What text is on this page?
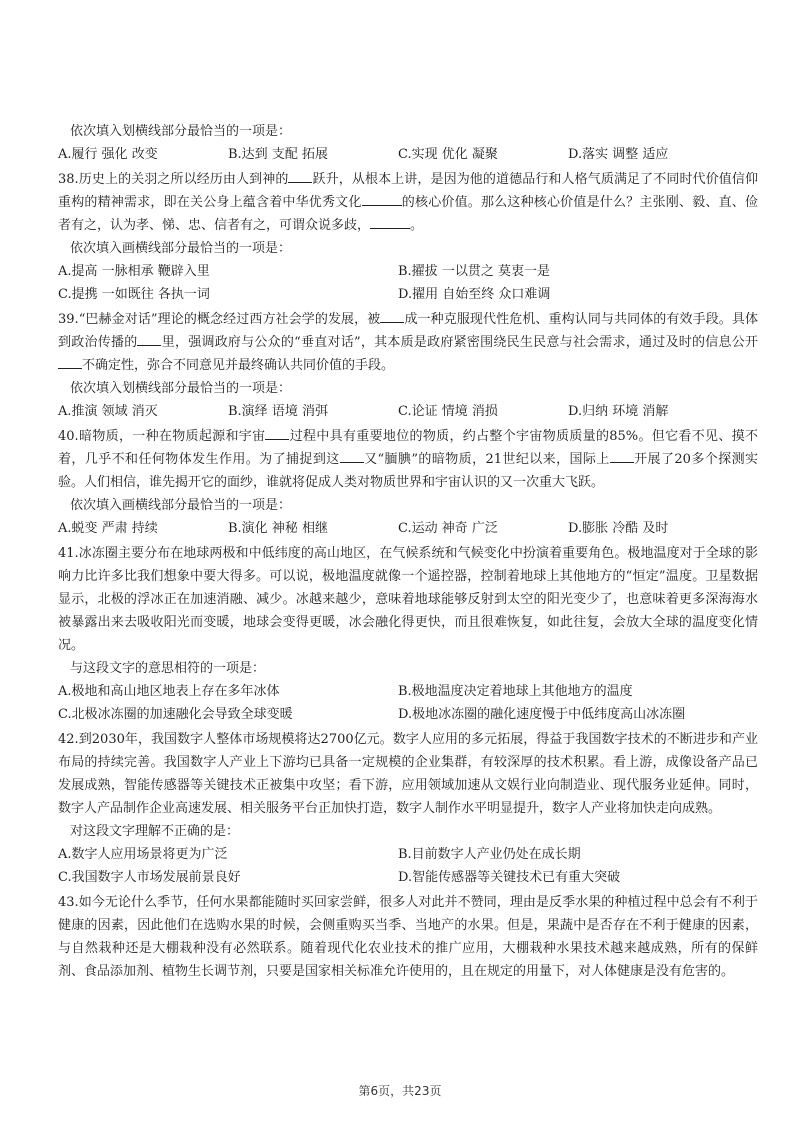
依次填入划横线部分最恰当的一项是：
A.履行 强化 改变	B.达到 支配 拓展	C.实现 优化 凝聚	D.落实 调整 适应
38.历史上的关羽之所以经历由人到神的 跃升，从根本上讲，是因为他的道德品行和人格气质满足了不同时代价值信仰重构的精神需求，即在关公身上蕴含着中华优秀文化	的核心价值。那么这种核心价值是什么？主张刚、毅、直、俭者有之，认为孝、悌、忠、信者有之，可谓众说多歧，	。
依次填入画横线部分最恰当的一项是：
A.提高 一脉相承 鞭辟入里	B.擢拔 一以贯之 莫衷一是
C.提携 一如既往 各执一词	D.擢用 自始至终 众口难调
39.“巴赫金对话”理论的概念经过西方社会学的发展，被 成一种克服现代性危机、重构认同与共同体的有效手段。具体到政治传播的 里，强调政府与公众的“垂直对话”，其本质是政府紧密围绕民生民意与社会需求，通过及时的信息公开不确定性，弥合不同意见并最终确认共同价值的手段。
依次填入划横线部分最恰当的一项是：
A.推演 领域 消灭	B.演绎 语境 消弭	C.论证 情境 消损	D.归纳 环境 消解
40.暗物质，一种在物质起源和宇宙 过程中具有重要地位的物质，约占整个宇宙物质质量的85%。但它看不见、摸不着，几乎不和任何物体发生作用。为了捕捉到这 又“腼腆”的暗物质，21世纪以来，国际上 开展了20多个探测实验。人们相信，谁先揭开它的面纱，谁就将促成人类对物质世界和宇宙认识的又一次重大飞跃。
依次填入画横线部分最恰当的一项是：
A.蜕变 严肃 持续	B.演化 神秘 相继	C.运动 神奇 广泛	D.膨胀 冷酷 及时
41.冰冻圈主要分布在地球两极和中低纬度的高山地区，在气候系统和气候变化中扮演着重要角色。极地温度对于全球的影响力比许多比我们想象中要大得多。可以说，极地温度就像一个遥控器，控制着地球上其他地方的“恒定”温度。卫星数据显示，北极的浮冰正在加速消融、减少。冰越来越少，意味着地球能够反射到太空的阳光变少了，也意味着更多深海海水被暴露出来去吸收阳光而变暖，地球会变得更暖，冰会融化得更快，而且很难恢复，如此往复，会放大全球的温度变化情况。
与这段文字的意思相符的一项是：
A.极地和高山地区地表上存在多年冰体	B.极地温度决定着地球上其他地方的温度
C.北极冰冻圈的加速融化会导致全球变暖	D.极地冰冻圈的融化速度慢于中低纬度高山冰冻圈
42.到2030年，我国数字人整体市场规模将达2700亿元。数字人应用的多元拓展，得益于我国数字技术的不断进步和产业布局的持续完善。我国数字人产业上下游均已具备一定规模的企业集群，有较深厚的技术积累。看上游，成像设备产品已发展成熟，智能传感器等关键技术正被集中攻坚；看下游，应用领域加速从文娱行业向制造业、现代服务业延伸。同时，数字人产品制作企业高速发展、相关服务平台正加快打造，数字人制作水平明显提升，数字人产业将加快走向成熟。
对这段文字理解不正确的是：
A.数字人应用场景将更为广泛	B.目前数字人产业仍处在成长期
C.我国数字人市场发展前景良好	D.智能传感器等关键技术已有重大突破
43.如今无论什么季节，任何水果都能随时买回家尝鲜，很多人对此并不赞同，理由是反季水果的种植过程中总会有不利于健康的因素，因此他们在选购水果的时候，会侧重购买当季、当地产的水果。但是，果蔬中是否存在不利于健康的因素，与自然栽种还是大棚栽种没有必然联系。随着现代化农业技术的推广应用，大棚栽种水果技术越来越成熟，所有的保鲜剂、食品添加剂、植物生长调节剂，只要是国家相关标准允许使用的，且在规定的用量下，对人体健康是没有危害的。
第6页，共23页
